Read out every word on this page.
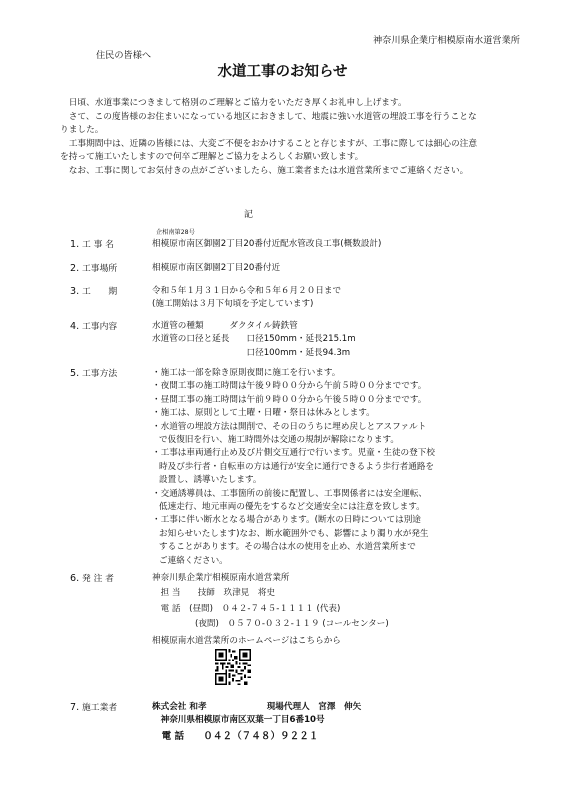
神奈川県企業庁相模原南水道営業所
住民の皆様へ
水道工事のお知らせ

　日頃、水道事業につきまして格別のご理解とご協力をいただき厚くお礼申し上げます。

　さて、この度皆様のお住まいになっている地区におきまして、地震に強い水道管の埋設工事を行うことなりました。

　工事期間中は、近隣の皆様には、大変ご不便をおかけすることと存じますが、工事に際しては細心の注意を持って施工いたしますので何卒ご理解とご協力をよろしくお願い致します。

　なお、工事に関してお気付きの点がございましたら、施工業者または水道営業所までご連絡ください。

記
企相南第28号
1. 工 事 名	相模原市南区御園2丁目20番付近配水管改良工事(概数設計)
2. 工事場所	相模原市南区御園2丁目20番付近
3. 工　　期	令和５年１月３１日から令和５年６月２０日まで
(施工開始は３月下旬頃を予定しています)
4. 工事内容	水道管の種類　　　ダクタイル鋳鉄管
水道管の口径と延長　　口径150mm・延長215.1m
　　　　　　　　　　　口径100mm・延長94.3m
5. 工事方法	・施工は一部を除き原則夜間に施工を行います。
・夜間工事の施工時間は午後９時００分から午前５時００分までです。
・昼間工事の施工時間は午前９時００分から午後５時００分までです。
・施工は、原則として土曜・日曜・祭日は休みとします。
・水道管の埋設方法は開削で、その日のうちに埋め戻しとアスファルト
で仮復旧を行い、施工時間外は交通の規制が解除になります。
・工事は車両通行止め及び片側交互通行で行います。児童・生徒の登下校
時及び歩行者・自転車の方は通行が安全に通行できるよう歩行者通路を
設置し、誘導いたします。
・交通誘導員は、工事箇所の前後に配置し、工事関係者には安全運転、
低速走行、地元車両の優先をするなど交通安全には注意を致します。
・工事に伴い断水となる場合があります。(断水の日時については別途
お知らせいたします)なお、断水範囲外でも、影響により濁り水が発生
することがあります。その場合は水の使用を止め、水道営業所まで
ご連絡ください。
6. 発 注 者	神奈川県企業庁相模原南水道営業所
　担 当　　技師　玖津見　将史
　電 話　(昼間)　０４２-７４５-１１１１ (代表)
　　　　　(夜間)　０５７０-０３２-１１９ (コールセンター)
相模原南水道営業所のホームページはこちらから
7. 施工業者	株式会社 和孝　　　　　　　現場代理人　宮澤　伸矢
　神奈川県相模原市南区双葉一丁目6番10号
　電 話　　０４２（７４８）９２２１
